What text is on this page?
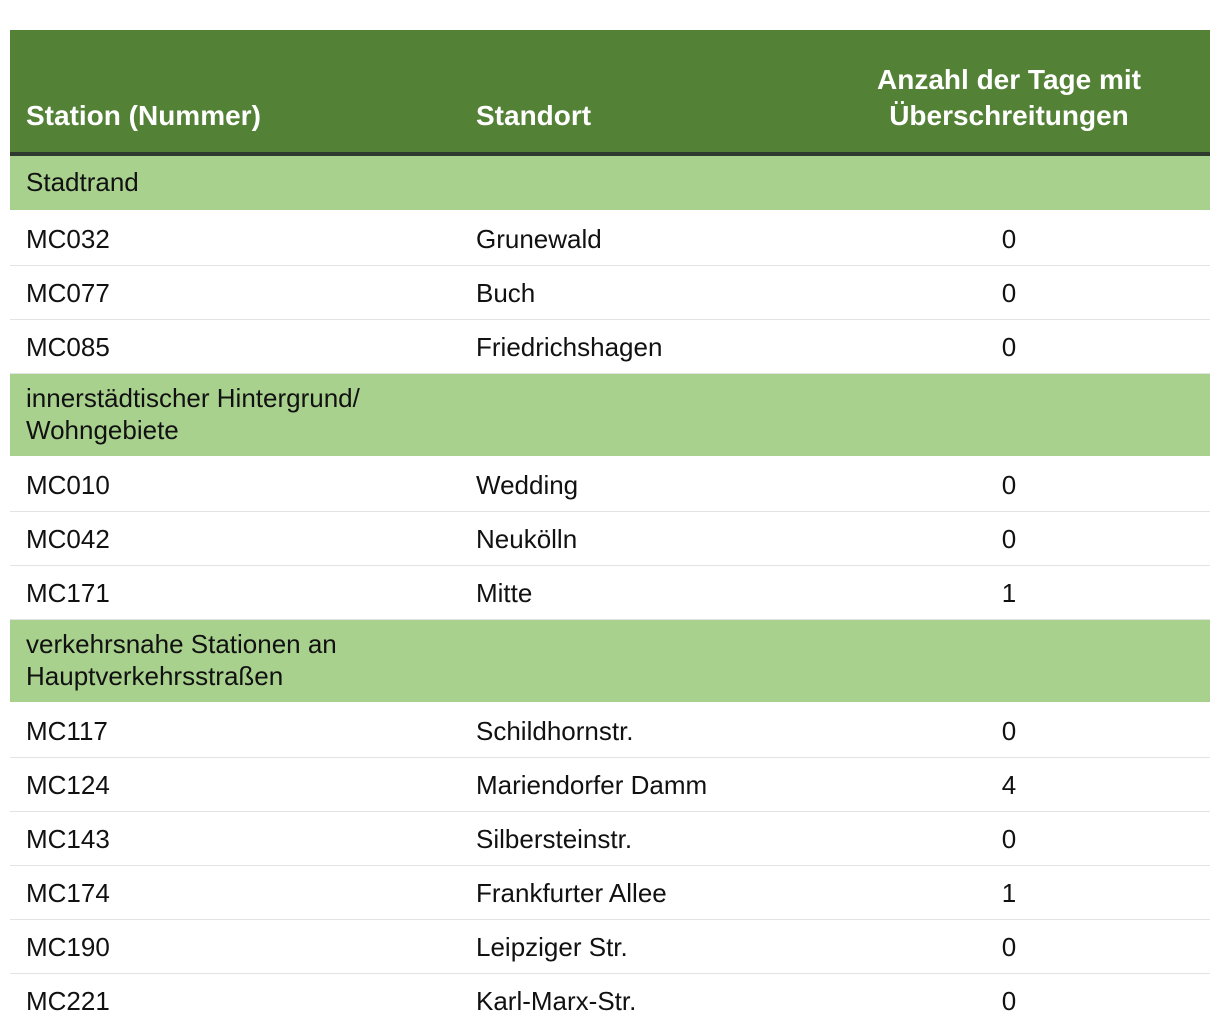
Station (Nummer)	Standort	Anzahl der Tage mit
Überschreitungen
Stadtrand		
MC032	Grunewald	0
MC077	Buch	0
MC085	Friedrichshagen	0
innerstädtischer Hintergrund/
Wohngebiete		
MC010	Wedding	0
MC042	Neukölln	0
MC171	Mitte	1
verkehrsnahe Stationen an
Hauptverkehrsstraßen		
MC117	Schildhornstr.	0
MC124	Mariendorfer Damm	4
MC143	Silbersteinstr.	0
MC174	Frankfurter Allee	1
MC190	Leipziger Str.	0
MC221	Karl-Marx-Str.	0
